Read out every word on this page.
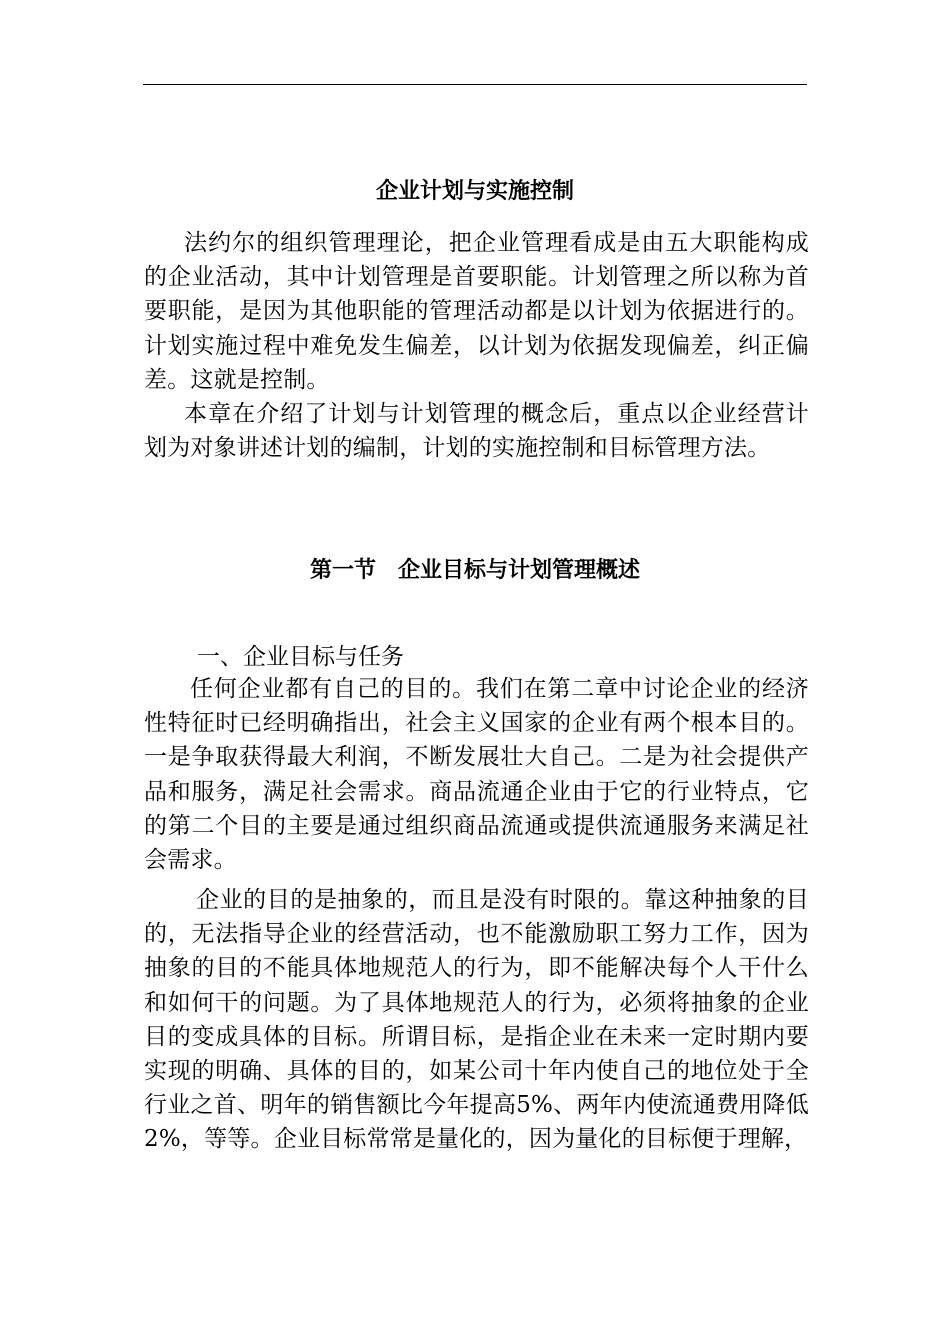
企业计划与实施控制

法约尔的组织管理理论，把企业管理看成是由五大职能构成的企业活动，其中计划管理是首要职能。计划管理之所以称为首要职能，是因为其他职能的管理活动都是以计划为依据进行的。计划实施过程中难免发生偏差，以计划为依据发现偏差，纠正偏差。这就是控制。

本章在介绍了计划与计划管理的概念后，重点以企业经营计划为对象讲述计划的编制，计划的实施控制和目标管理方法。

第一节　企业目标与计划管理概述
一、企业目标与任务

任何企业都有自己的目的。我们在第二章中讨论企业的经济性特征时已经明确指出，社会主义国家的企业有两个根本目的。一是争取获得最大利润，不断发展壮大自己。二是为社会提供产品和服务，满足社会需求。商品流通企业由于它的行业特点，它的第二个目的主要是通过组织商品流通或提供流通服务来满足社会需求。

企业的目的是抽象的，而且是没有时限的。靠这种抽象的目的，无法指导企业的经营活动，也不能激励职工努力工作，因为抽象的目的不能具体地规范人的行为，即不能解决每个人干什么和如何干的问题。为了具体地规范人的行为，必须将抽象的企业目的变成具体的目标。所谓目标，是指企业在未来一定时期内要实现的明确、具体的目的，如某公司十年内使自己的地位处于全行业之首、明年的销售额比今年提高5%、两年内使流通费用降低2%，等等。企业目标常常是量化的，因为量化的目标便于理解，
